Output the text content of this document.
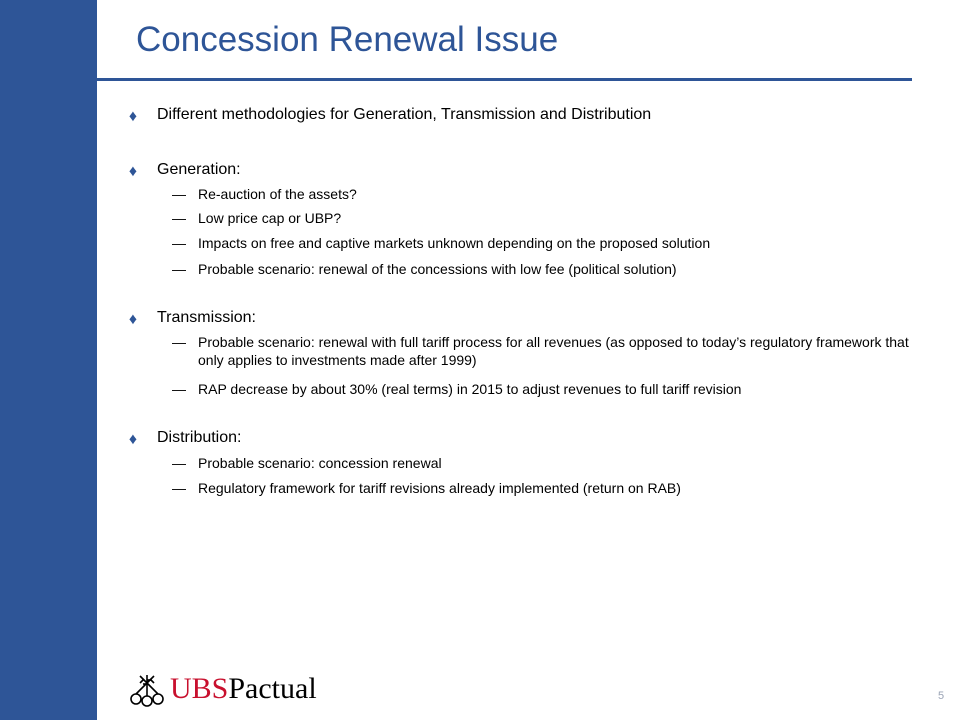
Concession Renewal Issue
♦ Different methodologies for Generation, Transmission and Distribution
♦ Generation:
— Re-auction of the assets?
— Low price cap or UBP?
— Impacts on free and captive markets unknown depending on the proposed solution
— Probable scenario: renewal of the concessions with low fee (political solution)
♦ Transmission:
— Probable scenario: renewal with full tariff process for all revenues (as opposed to today’s regulatory framework that only applies to investments made after 1999)
— RAP decrease by about 30% (real terms) in 2015 to adjust revenues to full tariff revision
♦ Distribution:
— Probable scenario: concession renewal
— Regulatory framework for tariff revisions already implemented (return on RAB)
UBSPactual	5
